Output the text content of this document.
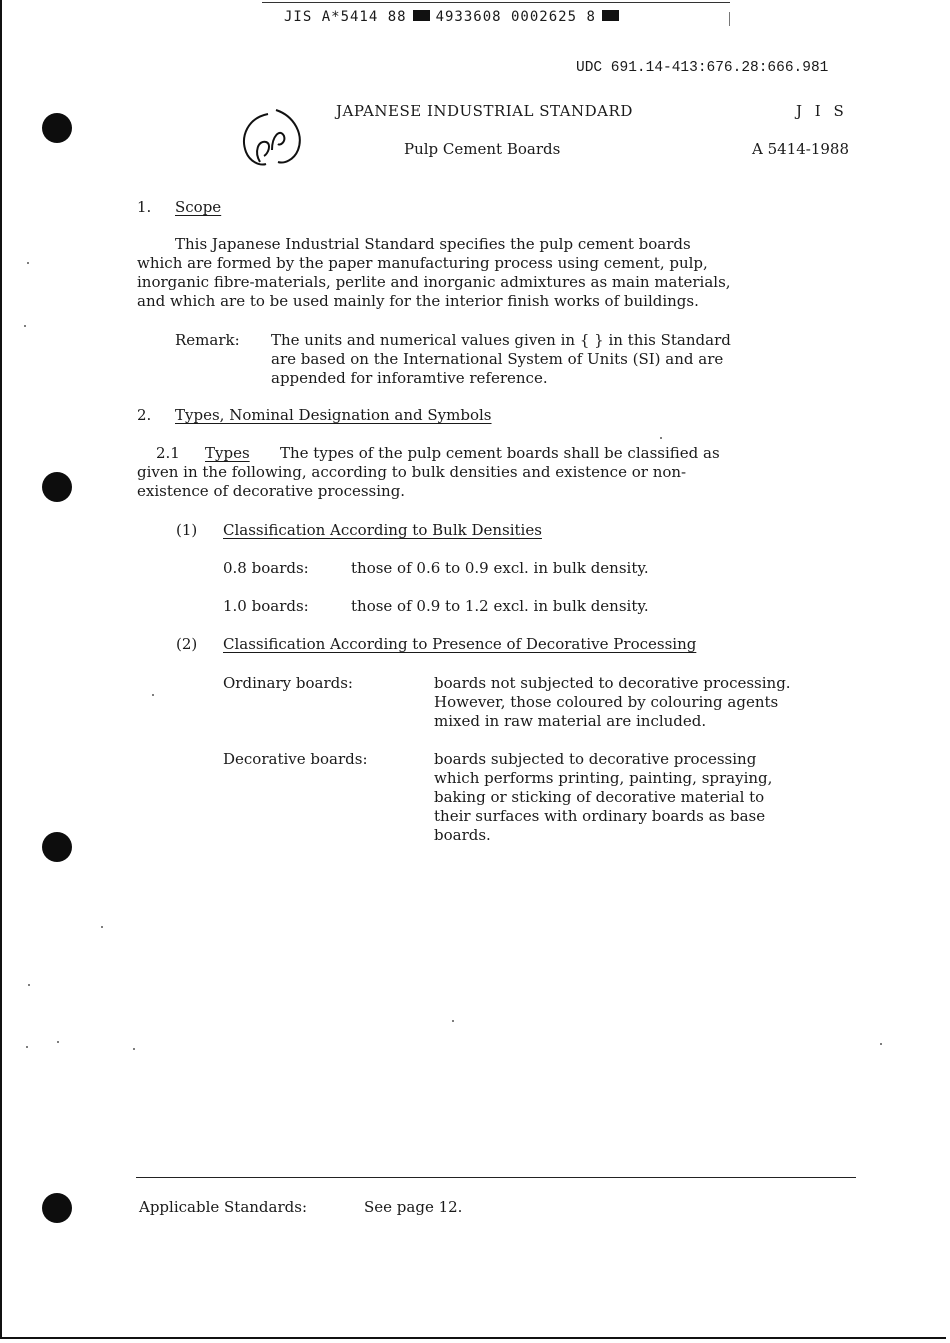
JIS A*5414 88 4933608 0002625 8
UDC 691.14-413:676.28:666.981
JAPANESE INDUSTRIAL STANDARD	J I S
Pulp Cement Boards	A 5414-1988
1. Scope
This Japanese Industrial Standard specifies the pulp cement boards
which are formed by the paper manufacturing process using cement, pulp,
inorganic fibre-materials, perlite and inorganic admixtures as main materials,
and which are to be used mainly for the interior finish works of buildings.
Remark: The units and numerical values given in { } in this Standard
are based on the International System of Units (SI) and are
appended for inforamtive reference.
2. Types, Nominal Designation and Symbols
2.1 Types The types of the pulp cement boards shall be classified as
given in the following, according to bulk densities and existence or non-
existence of decorative processing.
(1) Classification According to Bulk Densities
0.8 boards:	those of 0.6 to 0.9 excl. in bulk density.
1.0 boards:	those of 0.9 to 1.2 excl. in bulk density.
(2) Classification According to Presence of Decorative Processing
Ordinary boards:	boards not subjected to decorative processing.
However, those coloured by colouring agents
mixed in raw material are included.
Decorative boards:	boards subjected to decorative processing
which performs printing, painting, spraying,
baking or sticking of decorative material to
their surfaces with ordinary boards as base
boards.
Applicable Standards:	See page 12.
